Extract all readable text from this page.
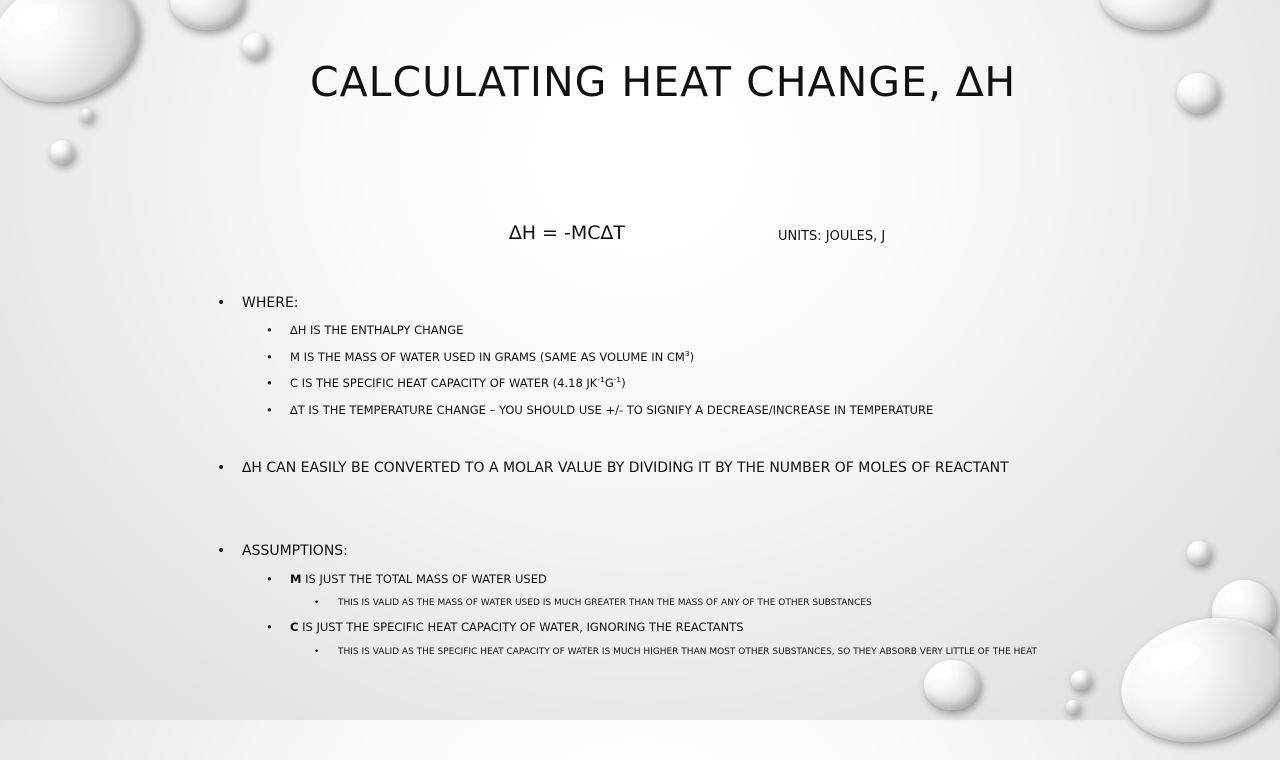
CALCULATING HEAT CHANGE, ∆H
∆H = -MC∆T	UNITS: JOULES, J
• WHERE:
• ∆H IS THE ENTHALPY CHANGE
• M IS THE MASS OF WATER USED IN GRAMS (SAME AS VOLUME IN $CM^3$)
• C IS THE SPECIFIC HEAT CAPACITY OF WATER (4.18 $JK^{-1}G^{-1}$)
• ∆T IS THE TEMPERATURE CHANGE – YOU SHOULD USE +/- TO SIGNIFY A DECREASE/INCREASE IN TEMPERATURE
• ∆H CAN EASILY BE CONVERTED TO A MOLAR VALUE BY DIVIDING IT BY THE NUMBER OF MOLES OF REACTANT
• ASSUMPTIONS:
• M IS JUST THE TOTAL MASS OF WATER USED
• THIS IS VALID AS THE MASS OF WATER USED IS MUCH GREATER THAN THE MASS OF ANY OF THE OTHER SUBSTANCES
• C IS JUST THE SPECIFIC HEAT CAPACITY OF WATER, IGNORING THE REACTANTS
• THIS IS VALID AS THE SPECIFIC HEAT CAPACITY OF WATER IS MUCH HIGHER THAN MOST OTHER SUBSTANCES, SO THEY ABSORB VERY LITTLE OF THE HEAT
